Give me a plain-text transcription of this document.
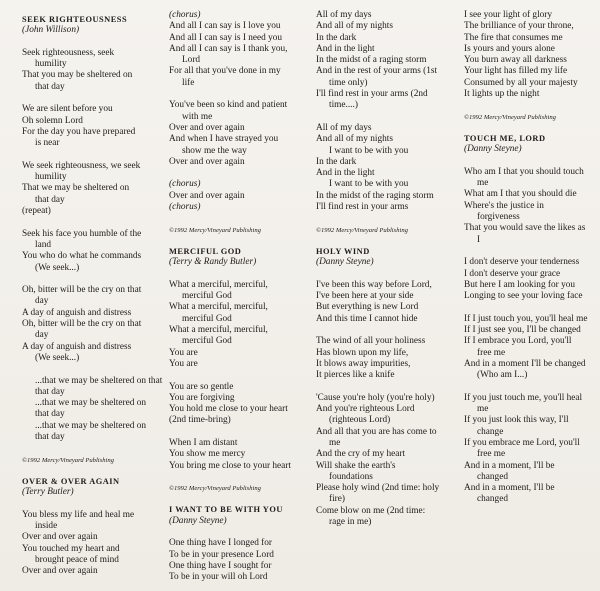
SEEK RIGHTEOUSNESS
(John Willison)
Seek righteousness, seek
humility
That you may be sheltered on
that day
We are silent before you
Oh solemn Lord
For the day you have prepared
is near
We seek righteousness, we seek
humility
That we may be sheltered on
that day
(repeat)
Seek his face you humble of the
land
You who do what he commands
(We seek...)
Oh, bitter will be the cry on that
day
A day of anguish and distress
Oh, bitter will be the cry on that
day
A day of anguish and distress
(We seek...)
...that we may be sheltered on that
that day
...that we may be sheltered on
that day
...that we may be sheltered on
that day
©1992 Mercy/Vineyard Publishing
OVER & OVER AGAIN
(Terry Butler)
You bless my life and heal me
inside
Over and over again
You touched my heart and
brought peace of mind
Over and over again
(chorus)
And all I can say is I love you
And all I can say is I need you
And all I can say is I thank you,
Lord
For all that you've done in my
life
You've been so kind and patient
with me
Over and over again
And when I have strayed you
show me the way
Over and over again
(chorus)
Over and over again
(chorus)
©1992 Mercy/Vineyard Publishing
MERCIFUL GOD
(Terry & Randy Butler)
What a merciful, merciful,
merciful God
What a merciful, merciful,
merciful God
What a merciful, merciful,
merciful God
You are
You are
You are so gentle
You are forgiving
You hold me close to your heart
(2nd time-bring)
When I am distant
You show me mercy
You bring me close to your heart
©1992 Mercy/Vineyard Publishing
I WANT TO BE WITH YOU
(Danny Steyne)
One thing have I longed for
To be in your presence Lord
One thing have I sought for
To be in your will oh Lord
All of my days
And all of my nights
In the dark
And in the light
In the midst of a raging storm
And in the rest of your arms (1st
time only)
I'll find rest in your arms (2nd
time....)
All of my days
And all of my nights
I want to be with you
In the dark
And in the light
I want to be with you
In the midst of the raging storm
I'll find rest in your arms
©1992 Mercy/Vineyard Publishing
HOLY WIND
(Danny Steyne)
I've been this way before Lord,
I've been here at your side
But everything is new Lord
And this time I cannot hide
The wind of all your holiness
Has blown upon my life,
It blows away impurities,
It pierces like a knife
'Cause you're holy (you're holy)
And you're righteous Lord
(righteous Lord)
And all that you are has come to
me
And the cry of my heart
Will shake the earth's
foundations
Please holy wind (2nd time: holy
fire)
Come blow on me (2nd time:
rage in me)
I see your light of glory
The brilliance of your throne,
The fire that consumes me
Is yours and yours alone
You burn away all darkness
Your light has filled my life
Consumed by all your majesty
It lights up the night
©1992 Mercy/Vineyard Publishing
TOUCH ME, LORD
(Danny Steyne)
Who am I that you should touch
me
What am I that you should die
Where's the justice in
forgiveness
That you would save the likes as
I
I don't deserve your tenderness
I don't deserve your grace
But here I am looking for you
Longing to see your loving face
If I just touch you, you'll heal me
If I just see you, I'll be changed
If I embrace you Lord, you'll
free me
And in a moment I'll be changed
(Who am I...)
If you just touch me, you'll heal
me
If you just look this way, I'll
change
If you embrace me Lord, you'll
free me
And in a moment, I'll be
changed
And in a moment, I'll be
changed
